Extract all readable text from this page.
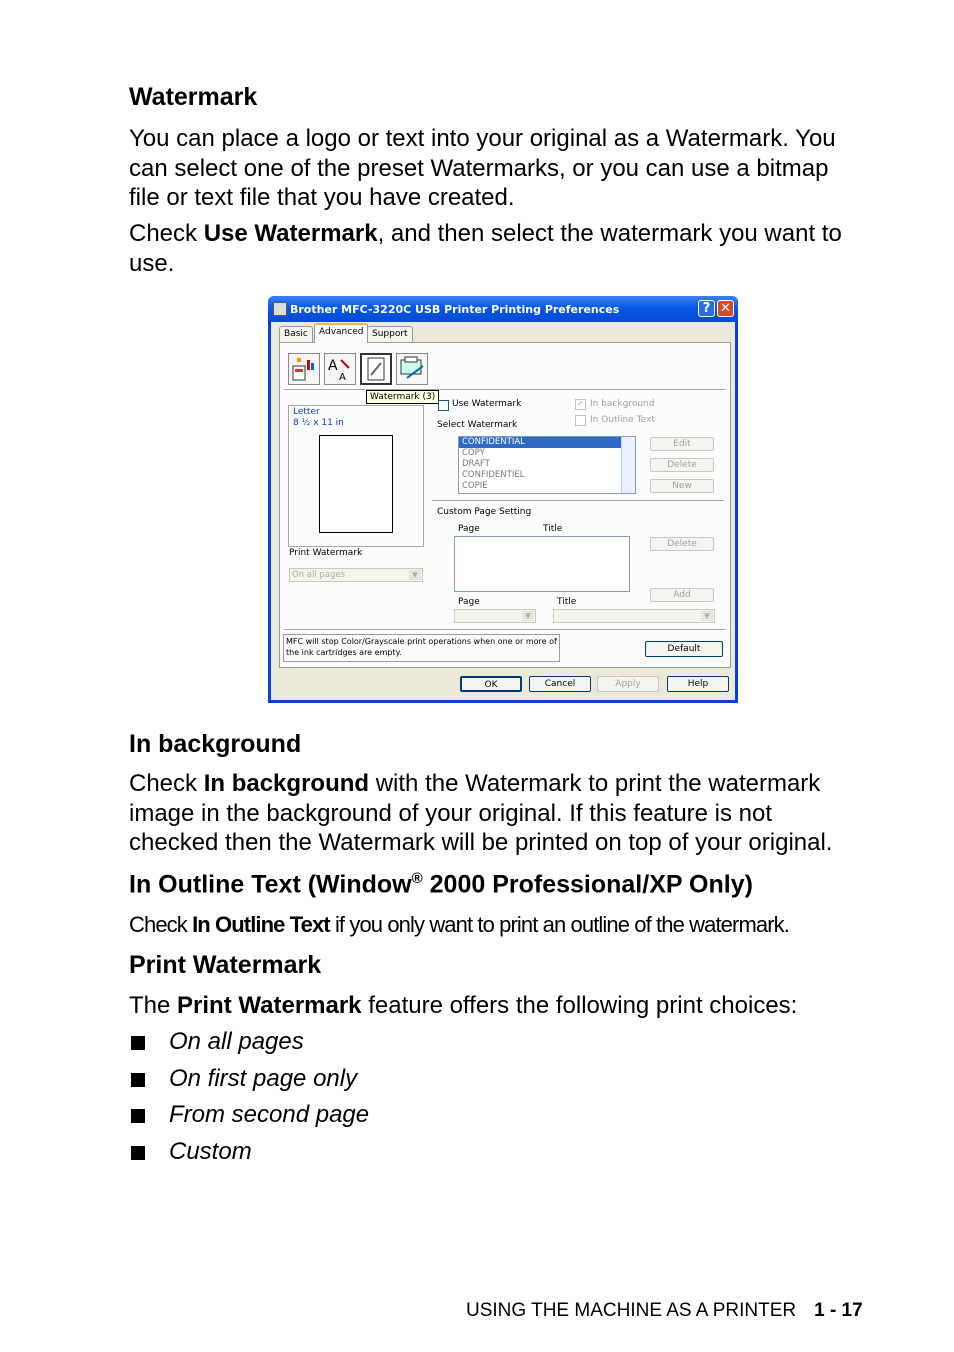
Watermark
You can place a logo or text into your original as a Watermark. You
can select one of the preset Watermarks, or you can use a bitmap
file or text file that you have created.
Check Use Watermark, and then select the watermark you want to
use.
Brother MFC-3220C USB Printer Printing Preferences	? ✕
Basic	Advanced Support
A
A
Watermark (3)
Letter
8 ½ x 11 in
Print Watermark
On all pages	▼
Use Watermark	✓ In background
In Outline Text
Select Watermark
CONFIDENTIAL
COPY
DRAFT
CONFIDENTIEL
COPIE
Edit
Delete
New
Custom Page Setting
Page	Title
Delete
Add
Page	Title
▼	▼
MFC will stop Color/Grayscale print operations when one or more of
the ink cartridges are empty.	Default
OK	Cancel	Apply	Help
In background
Check In background with the Watermark to print the watermark
image in the background of your original. If this feature is not
checked then the Watermark will be printed on top of your original.
In Outline Text (Window® 2000 Professional/XP Only)
Check In Outline Text if you only want to print an outline of the watermark.
Print Watermark
The Print Watermark feature offers the following print choices:
On all pages
On first page only
From second page
Custom
USING THE MACHINE AS A PRINTER 1 - 17
